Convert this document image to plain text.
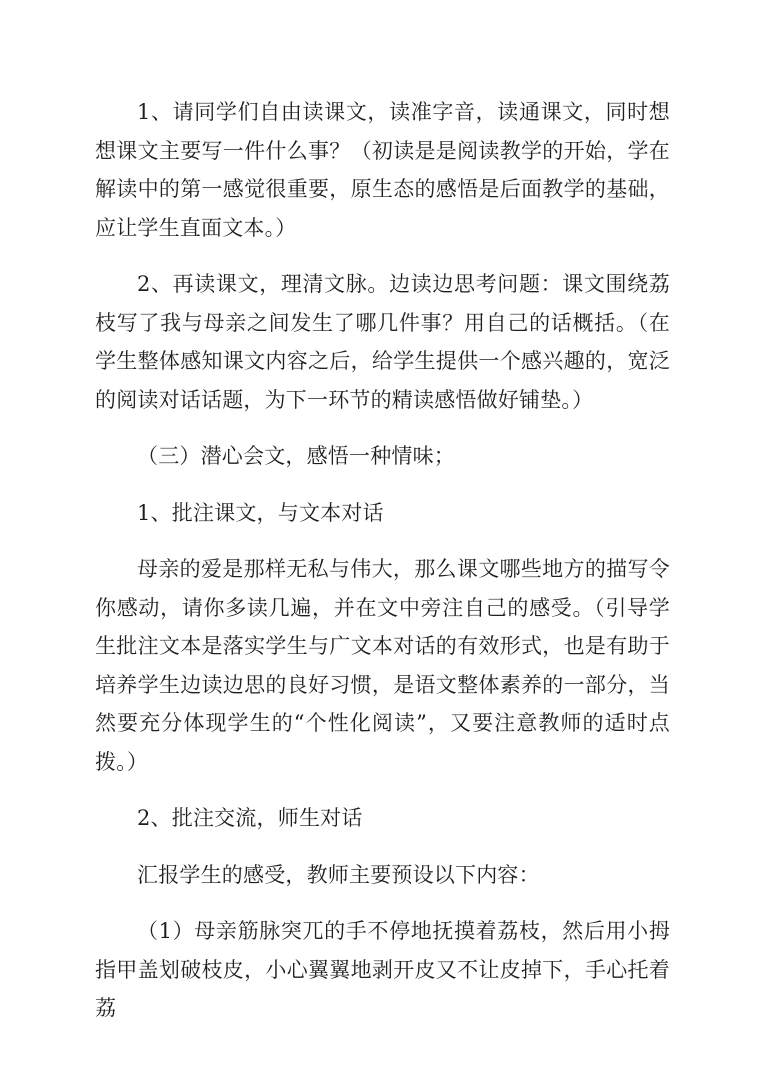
1、请同学们自由读课文，读准字音，读通课文，同时想想课文主要写一件什么事？（初读是是阅读教学的开始，学在解读中的第一感觉很重要，原生态的感悟是后面教学的基础，应让学生直面文本。）

2、再读课文，理清文脉。边读边思考问题：课文围绕荔枝写了我与母亲之间发生了哪几件事？用自己的话概括。（在学生整体感知课文内容之后，给学生提供一个感兴趣的，宽泛的阅读对话话题，为下一环节的精读感悟做好铺垫。）

（三）潜心会文，感悟一种情味；

1、批注课文，与文本对话

母亲的爱是那样无私与伟大，那么课文哪些地方的描写令你感动，请你多读几遍，并在文中旁注自己的感受。（引导学生批注文本是落实学生与广文本对话的有效形式，也是有助于培养学生边读边思的良好习惯，是语文整体素养的一部分，当然要充分体现学生的“个性化阅读”，又要注意教师的适时点拨。）

2、批注交流，师生对话

汇报学生的感受，教师主要预设以下内容：

（1）母亲筋脉突兀的手不停地抚摸着荔枝，然后用小拇指甲盖划破枝皮，小心翼翼地剥开皮又不让皮掉下，手心托着荔
